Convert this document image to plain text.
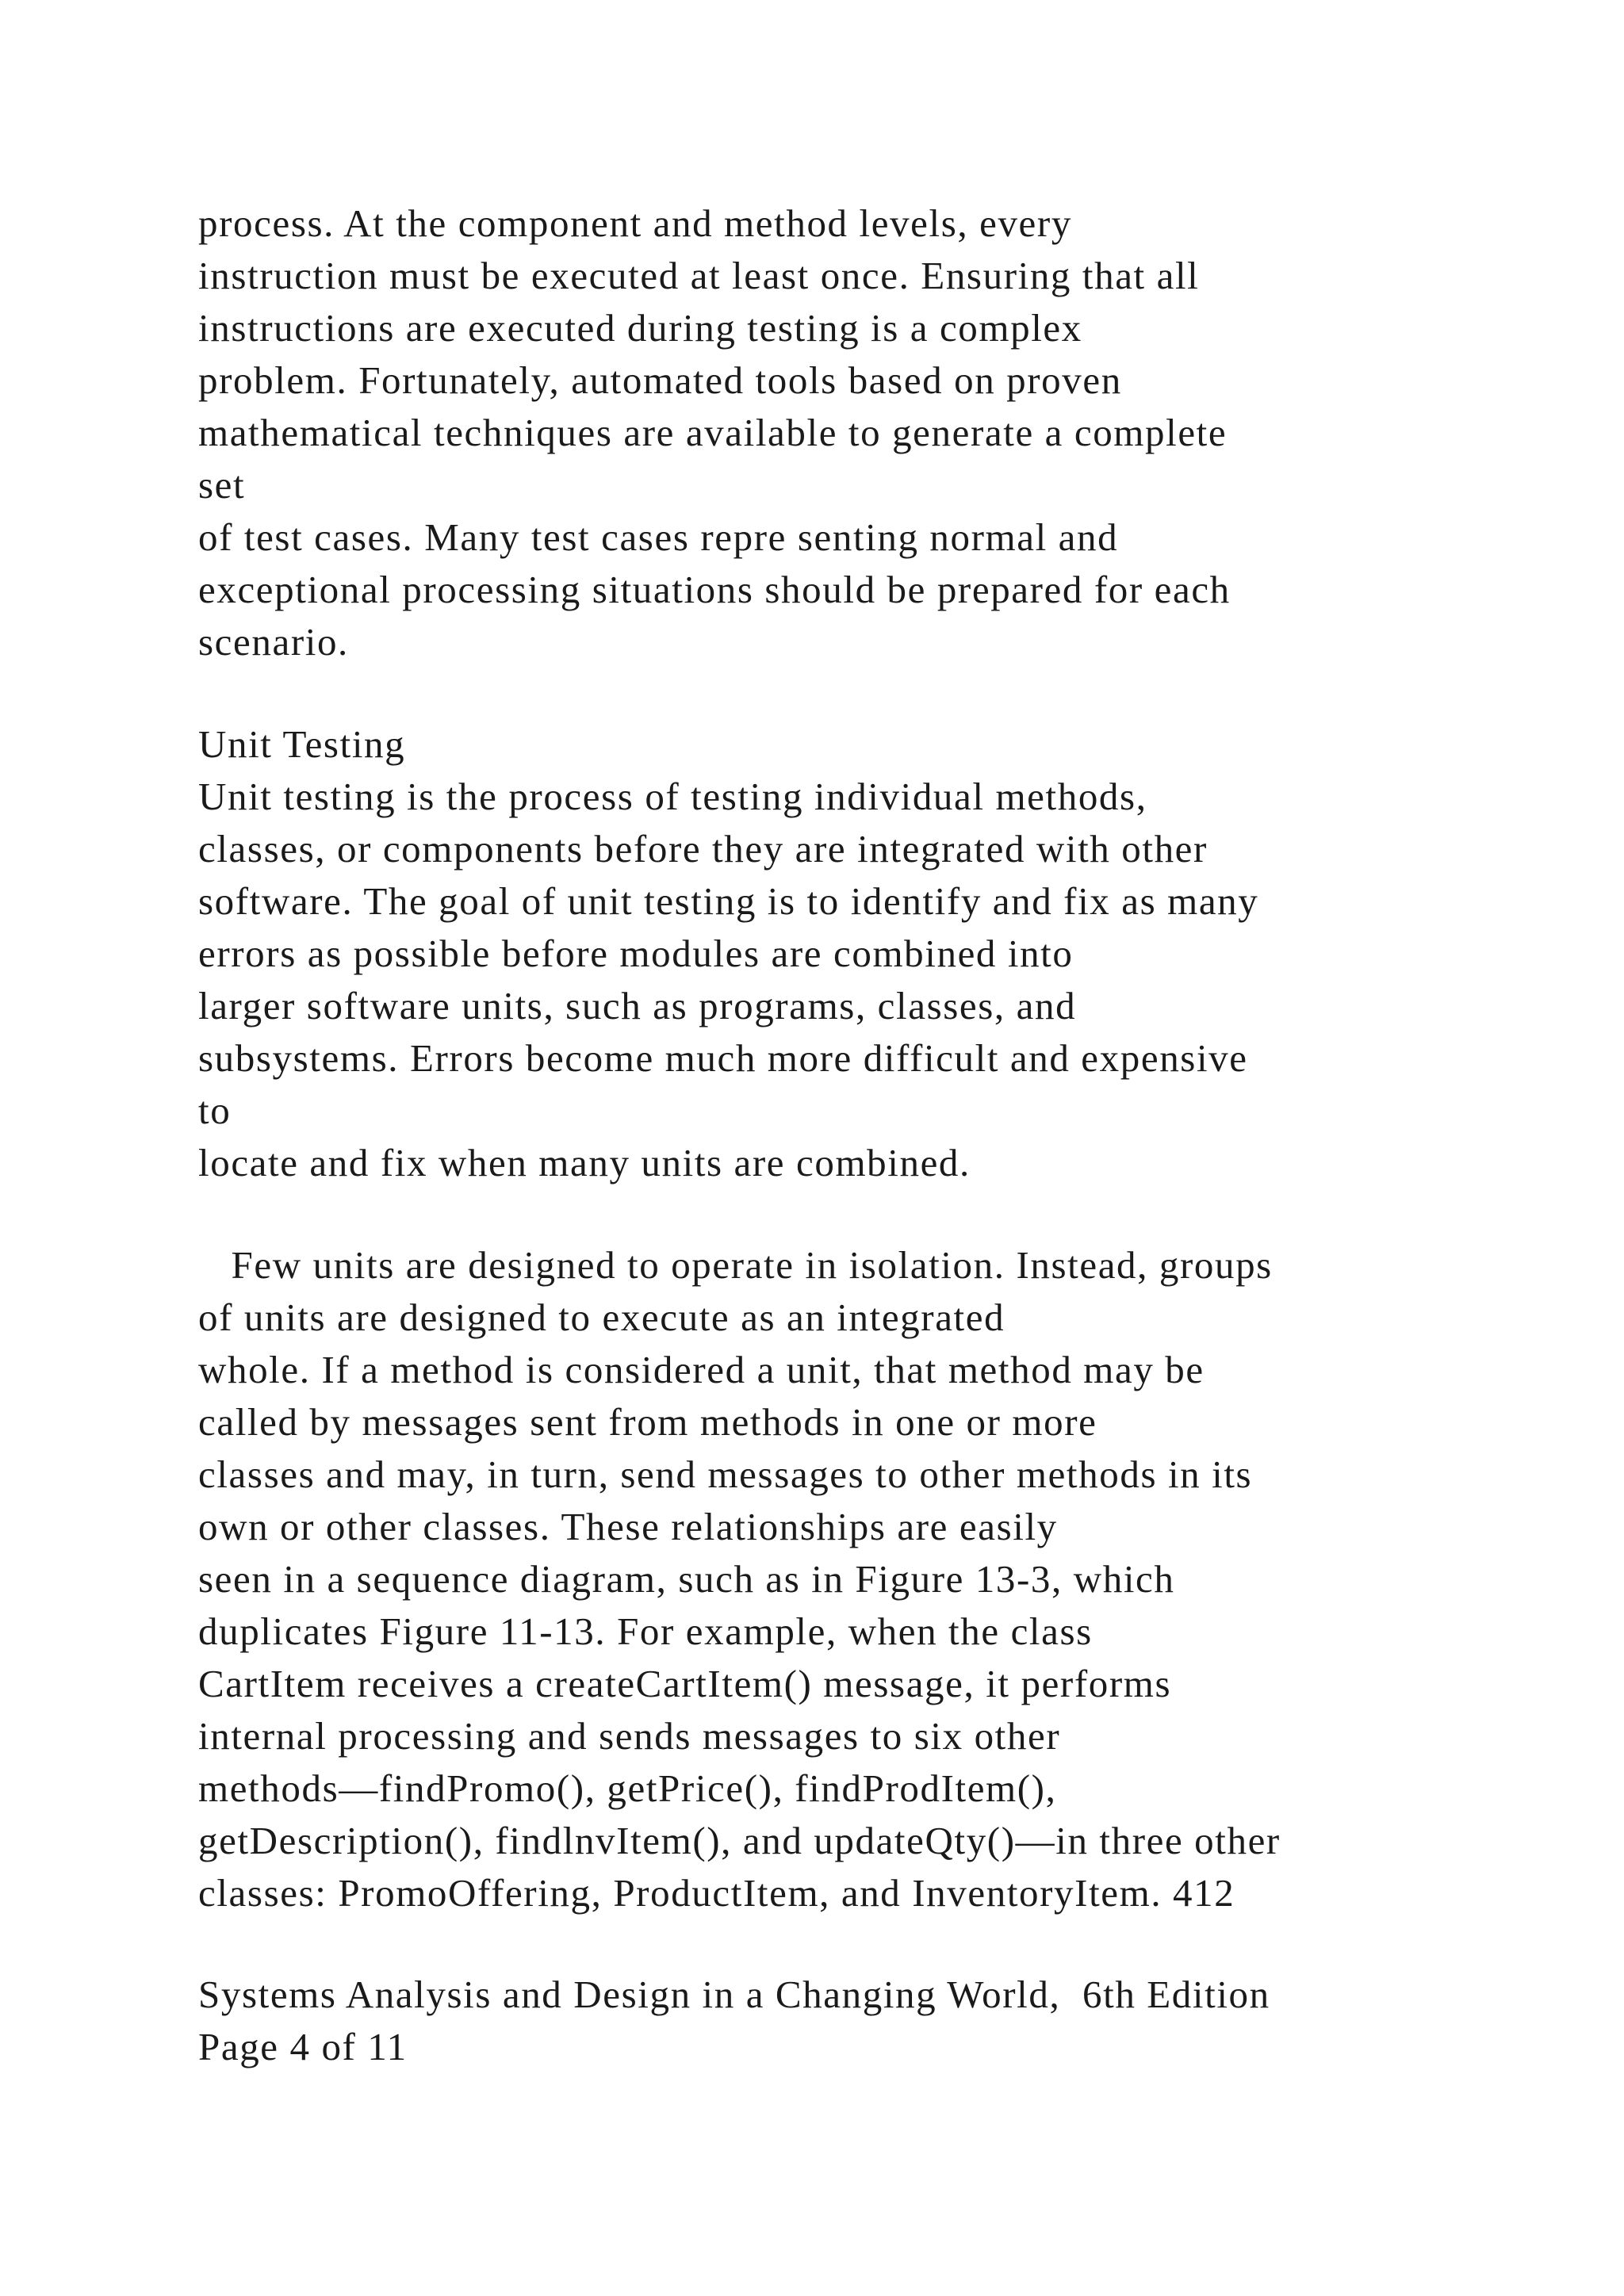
process. At the component and method levels, every
instruction must be executed at least once. Ensuring that all
instructions are executed during testing is a complex
problem. Fortunately, automated tools based on proven
mathematical techniques are available to generate a complete
set
of test cases. Many test cases repre senting normal and
exceptional processing situations should be prepared for each
scenario.
Unit Testing
Unit testing is the process of testing individual methods,
classes, or components before they are integrated with other
software. The goal of unit testing is to identify and fix as many
errors as possible before modules are combined into
larger software units, such as programs, classes, and
subsystems. Errors become much more difficult and expensive
to
locate and fix when many units are combined.
Few units are designed to operate in isolation. Instead, groups
of units are designed to execute as an integrated
whole. If a method is considered a unit, that method may be
called by messages sent from methods in one or more
classes and may, in turn, send messages to other methods in its
own or other classes. These relationships are easily
seen in a sequence diagram, such as in Figure 13-3, which
duplicates Figure 11-13. For example, when the class
CartItem receives a createCartItem() message, it performs
internal processing and sends messages to six other
methods—findPromo(), getPrice(), findProdItem(),
getDescription(), findlnvItem(), and updateQty()—in three other
classes: PromoOffering, ProductItem, and InventoryItem. 412
Systems Analysis and Design in a Changing World,  6th Edition
Page 4 of 11
